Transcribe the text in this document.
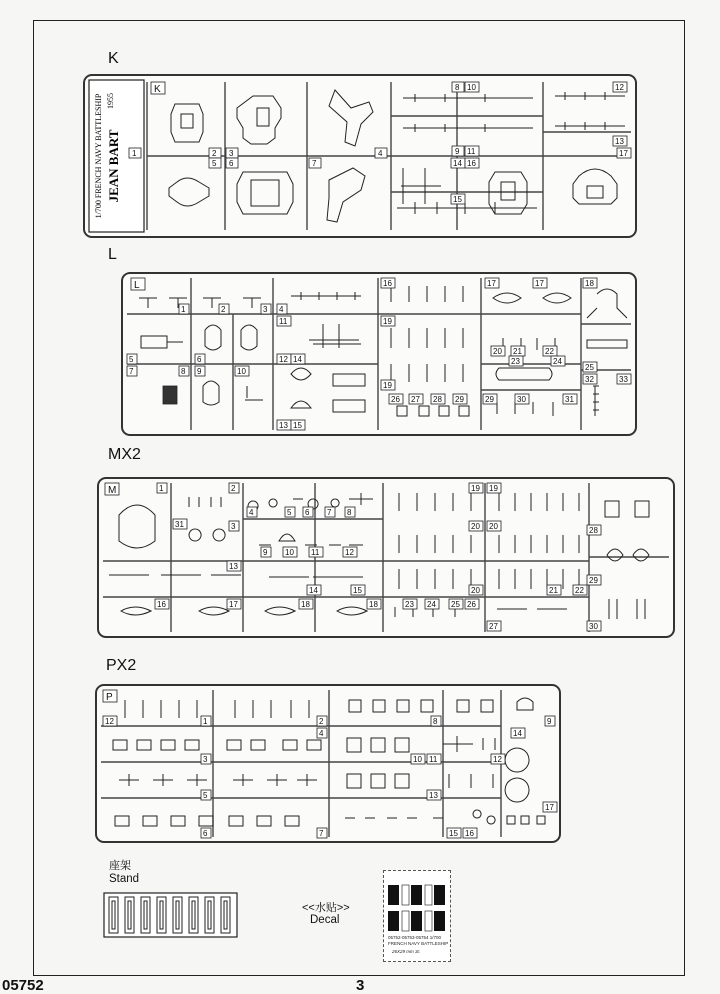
K
1/700 FRENCH NAVY BATTLESHIP JEAN BART
1955
K
1	2 3	4
5 6	7
8
9
10
11
12
13
14
15
16
17
L
L
1	2	3 4
5	6
7	8 9	10
11
12
13
14
15
16	17	17	18
19
19
20 21	22
23	24
25
26 27 28 29	29	30	31
32	33
MX2
M	1	2
3
4	5 6 7 8
9 10 11	12
13
14	15
16	17	18	18
19 19
20 20
20	21 22
23 24 25 26
27
28
29
30
31
PX2
P
1	2
3
4
5
6	7
8	9
10 11
12
12
13
14
15 16
17
座架
Stand
<<水贴>>
Decal
05752-05753-05754 1/700
FRENCH NAVY BATTLESHIP
26X29 mm 3c
05752	3
